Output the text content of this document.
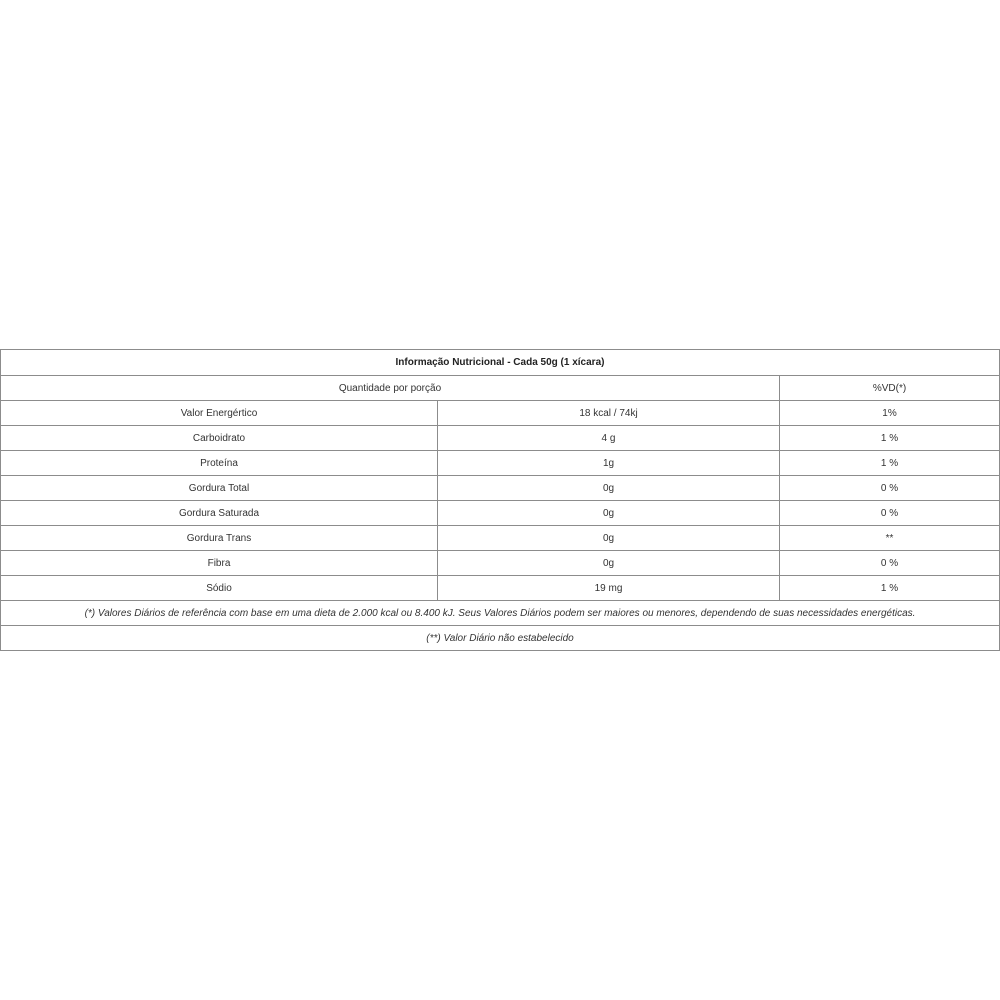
Informação Nutricional - Cada 50g (1 xícara)		
Quantidade por porção		%VD(*)
Valor Energértico	18 kcal / 74kj	1%
Carboidrato	4 g	1 %
Proteína	1g	1 %
Gordura Total	0g	0 %
Gordura Saturada	0g	0 %
Gordura Trans	0g	**
Fibra	0g	0 %
Sódio	19 mg	1 %
(*) Valores Diários de referência com base em uma dieta de 2.000 kcal ou 8.400 kJ. Seus Valores Diários podem ser maiores ou menores, dependendo de suas necessidades energéticas.		
(**) Valor Diário não estabelecido		
